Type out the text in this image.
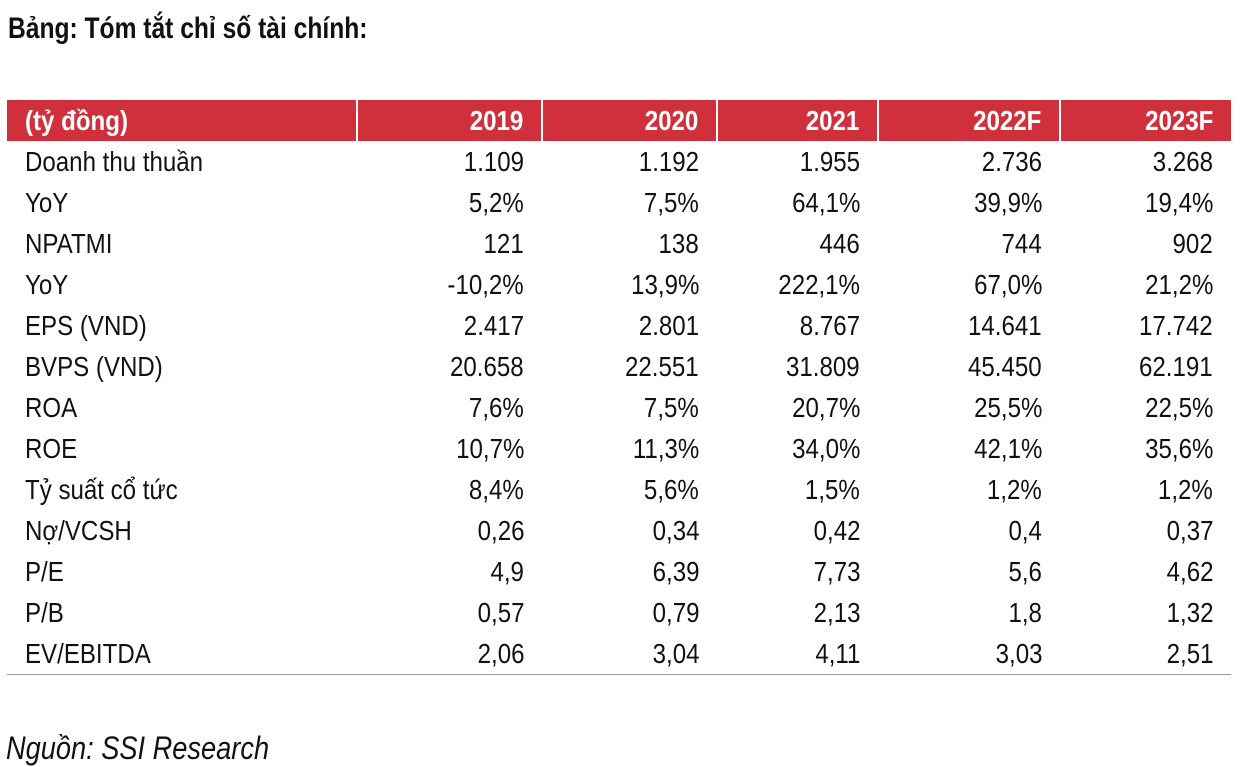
Bảng: Tóm tắt chỉ số tài chính:
(tỷ đồng)	2019	2020	2021	2022F	2023F
Doanh thu thuần	1.109	1.192	1.955	2.736	3.268
YoY	5,2%	7,5%	64,1%	39,9%	19,4%
NPATMI	121	138	446	744	902
YoY	-10,2%	13,9%	222,1%	67,0%	21,2%
EPS (VND)	2.417	2.801	8.767	14.641	17.742
BVPS (VND)	20.658	22.551	31.809	45.450	62.191
ROA	7,6%	7,5%	20,7%	25,5%	22,5%
ROE	10,7%	11,3%	34,0%	42,1%	35,6%
Tỷ suất cổ tức	8,4%	5,6%	1,5%	1,2%	1,2%
Nợ/VCSH	0,26	0,34	0,42	0,4	0,37
P/E	4,9	6,39	7,73	5,6	4,62
P/B	0,57	0,79	2,13	1,8	1,32
EV/EBITDA	2,06	3,04	4,11	3,03	2,51
Nguồn: SSI Research
